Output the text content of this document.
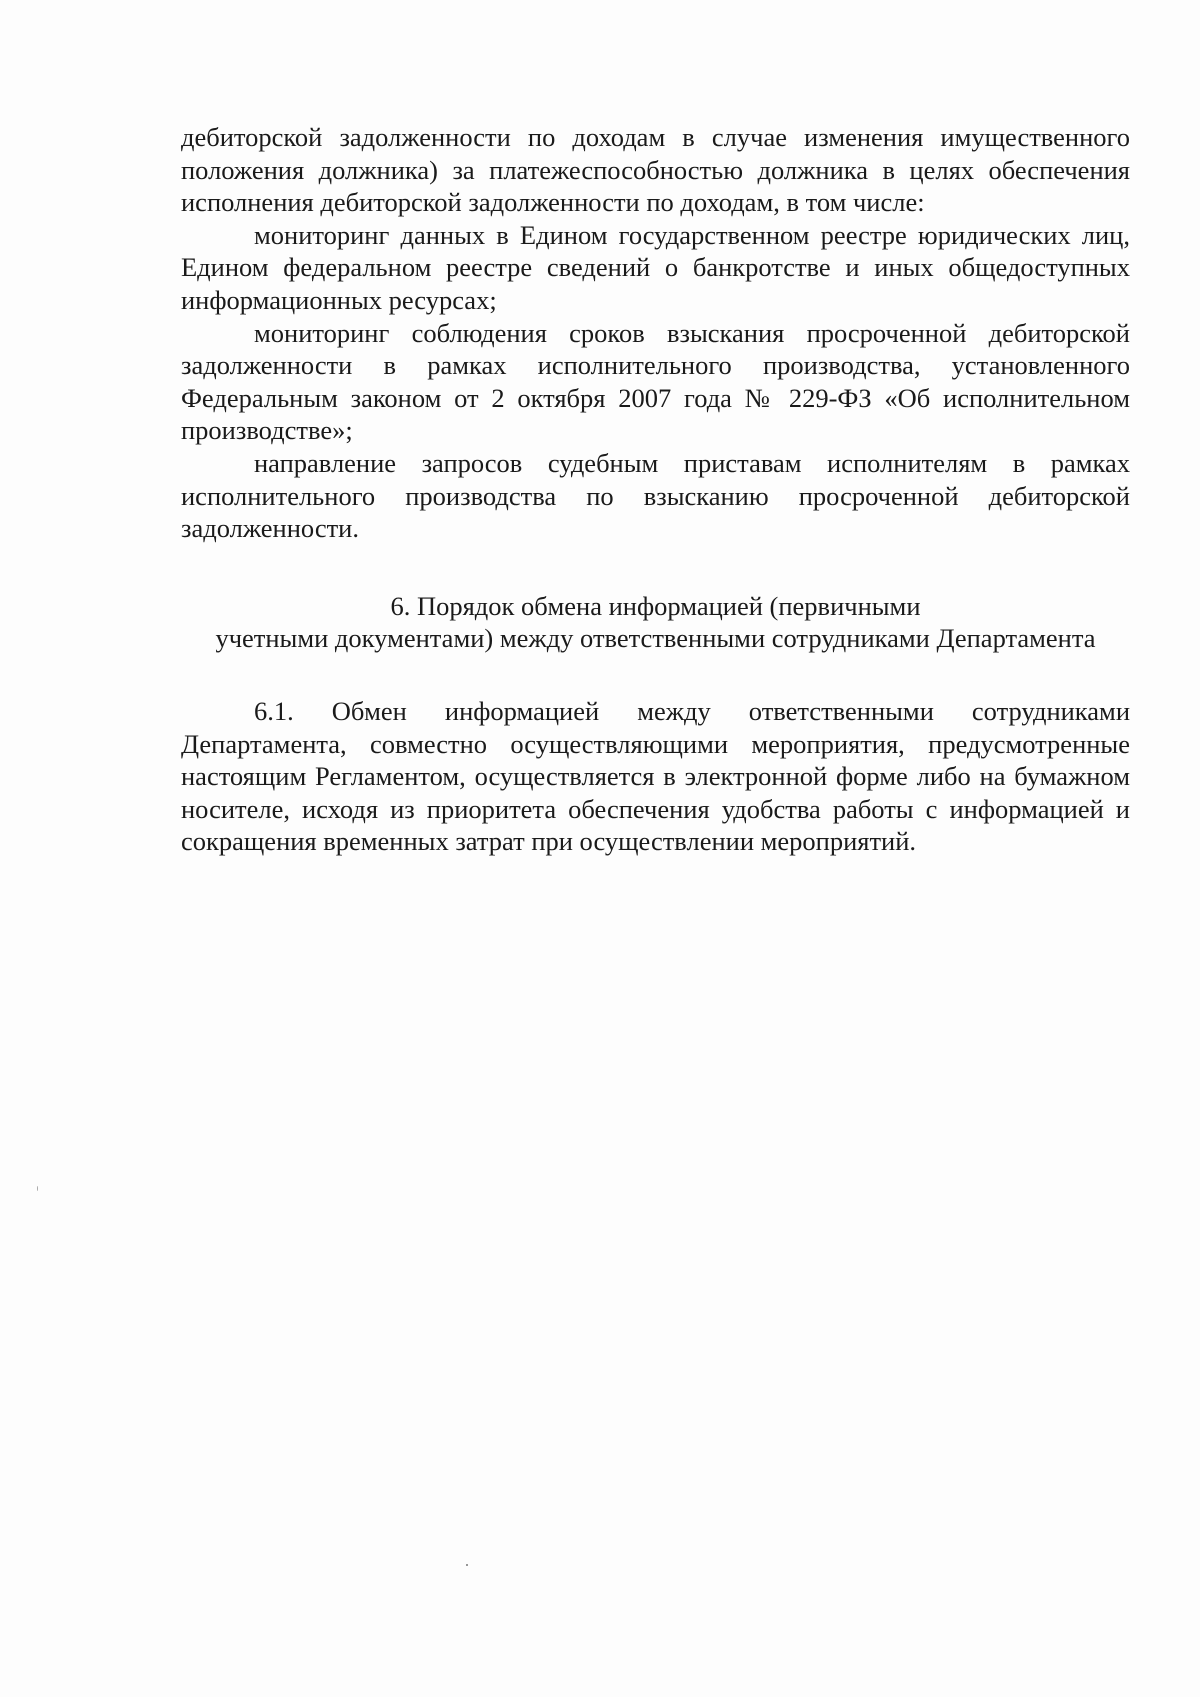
дебиторской задолженности по доходам в случае изменения имущественного положения должника) за платежеспособностью должника в целях обеспечения исполнения дебиторской задолженности по доходам, в том числе:

мониторинг данных в Едином государственном реестре юридических лиц, Едином федеральном реестре сведений о банкротстве и иных общедоступных информационных ресурсах;

мониторинг соблюдения сроков взыскания просроченной дебиторской задолженности в рамках исполнительного производства, установленного Федеральным законом от 2 октября 2007 года № 229-ФЗ «Об исполнительном производстве»;

направление запросов судебным приставам исполнителям в рамках исполнительного производства по взысканию просроченной дебиторской задолженности.

6. Порядок обмена информацией (первичными
учетными документами) между ответственными сотрудниками Департамента

6.1. Обмен информацией между ответственными сотрудниками Департамента, совместно осуществляющими мероприятия, предусмотренные настоящим Регламентом, осуществляется в электронной форме либо на бумажном носителе, исходя из приоритета обеспечения удобства работы с информацией и сокращения временных затрат при осуществлении мероприятий.
